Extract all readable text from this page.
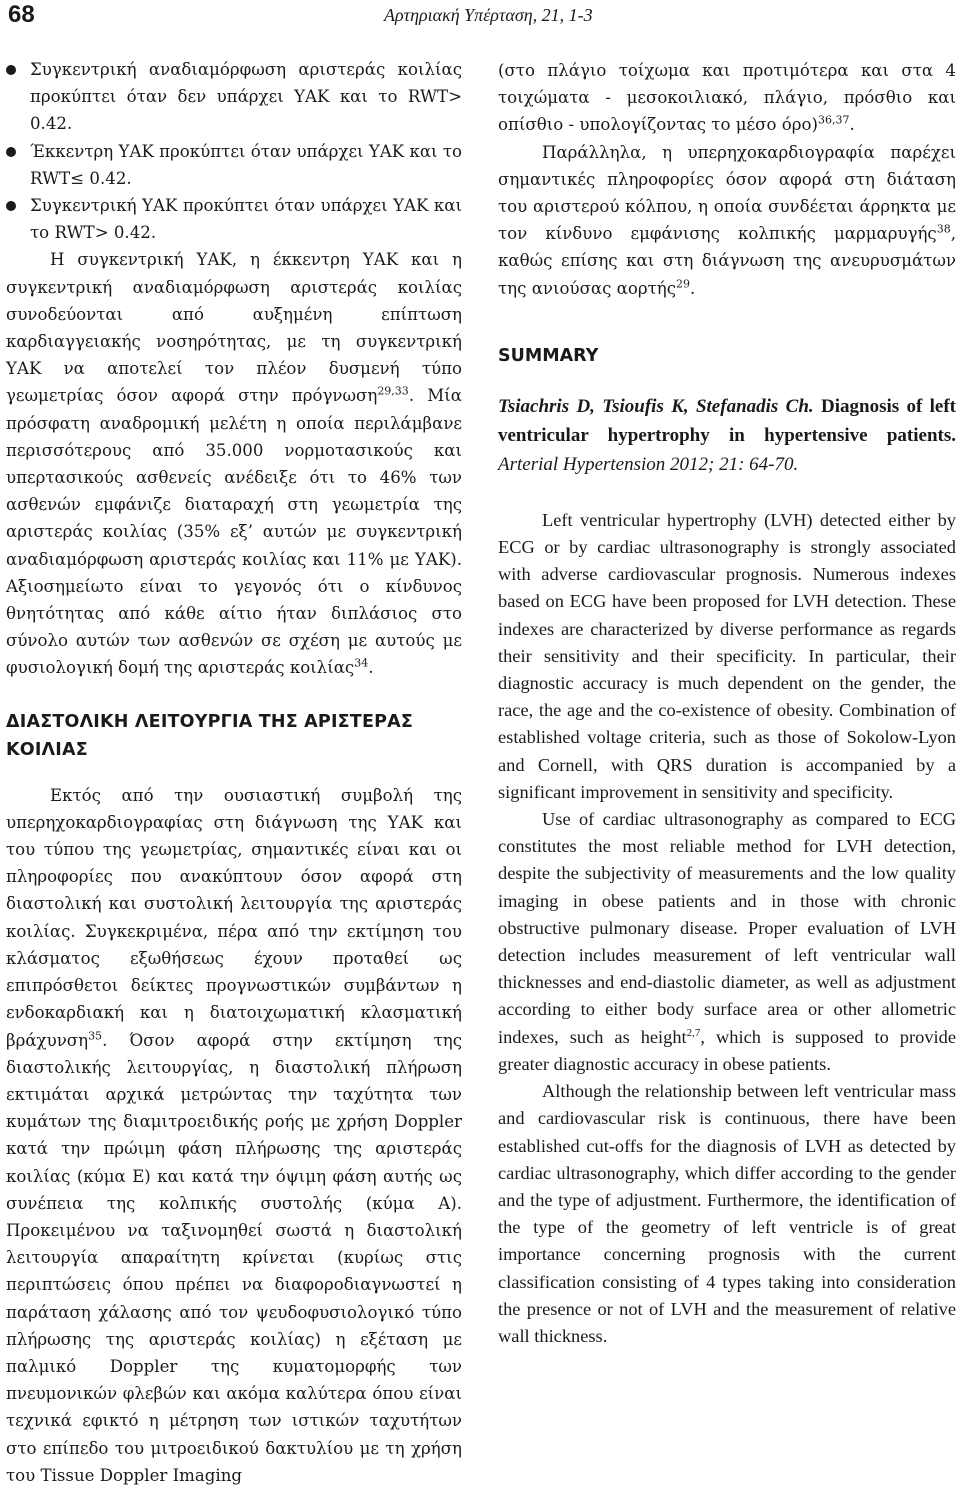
68	Αρτηριακή Υπέρταση, 21, 1-3

Συγκεντρική αναδιαμόρφωση αριστεράς κοιλίας προκύπτει όταν δεν υπάρχει ΥΑΚ και το RWT> 0.42.

Έκκεντρη ΥΑΚ προκύπτει όταν υπάρχει ΥΑΚ και το RWT≤ 0.42.

Συγκεντρική ΥΑΚ προκύπτει όταν υπάρχει ΥΑΚ και το RWT> 0.42.

Η συγκεντρική ΥΑΚ, η έκκεντρη ΥΑΚ και η συγκεντρική αναδιαμόρφωση αριστεράς κοιλίας συνοδεύονται από αυξημένη επίπτωση καρδιαγγειακής νοσηρότητας, με τη συγκεντρική ΥΑΚ να αποτελεί τον πλέον δυσμενή τύπο γεωμετρίας όσον αφορά στην πρόγνωση$^{29,33}$. Μία πρόσφατη αναδρομική μελέτη η οποία περιλάμβανε περισσότερους από 35.000 νορμοτασικούς και υπερτασικούς ασθενείς ανέδειξε ότι το 46% των ασθενών εμφάνιζε διαταραχή στη γεωμετρία της αριστεράς κοιλίας (35% εξ’ αυτών με συγκεντρική αναδιαμόρφωση αριστεράς κοιλίας και 11% με ΥΑΚ). Αξιοσημείωτο είναι το γεγονός ότι ο κίνδυνος θνητότητας από κάθε αίτιο ήταν διπλάσιος στο σύνολο αυτών των ασθενών σε σχέση με αυτούς με φυσιολογική δομή της αριστεράς κοιλίας$^{34}$.

ΔΙΑΣΤΟΛΙΚΗ ΛΕΙΤΟΥΡΓΙΑ ΤΗΣ ΑΡΙΣΤΕΡΑΣ ΚΟΙΛΙΑΣ

Εκτός από την ουσιαστική συμβολή της υπερηχοκαρδιογραφίας στη διάγνωση της ΥΑΚ και του τύπου της γεωμετρίας, σημαντικές είναι και οι πληροφορίες που ανακύπτουν όσον αφορά στη διαστολική και συστολική λειτουργία της αριστεράς κοιλίας. Συγκεκριμένα, πέρα από την εκτίμηση του κλάσματος εξωθήσεως έχουν προταθεί ως επιπρόσθετοι δείκτες προγνωστικών συμβάντων η ενδοκαρδιακή και η διατοιχωματική κλασματική βράχυνση$^{35}$. Όσον αφορά στην εκτίμηση της διαστολικής λειτουργίας, η διαστολική πλήρωση εκτιμάται αρχικά μετρώντας την ταχύτητα των κυμάτων της διαμιτροειδικής ροής με χρήση Doppler κατά την πρώιμη φάση πλήρωσης της αριστεράς κοιλίας (κύμα Ε) και κατά την όψιμη φάση αυτής ως συνέπεια της κολπικής συστολής (κύμα Α). Προκειμένου να ταξινομηθεί σωστά η διαστολική λειτουργία απαραίτητη κρίνεται (κυρίως στις περιπτώσεις όπου πρέπει να διαφοροδιαγνωστεί η παράταση χάλασης από τον ψευδοφυσιολογικό τύπο πλήρωσης της αριστεράς κοιλίας) η εξέταση με παλμικό Doppler της κυματομορφής των πνευμονικών φλεβών και ακόμα καλύτερα όπου είναι τεχνικά εφικτό η μέτρηση των ιστικών ταχυτήτων στο επίπεδο του μιτροειδικού δακτυλίου με τη χρήση του Tissue Doppler Imaging

(στο πλάγιο τοίχωμα και προτιμότερα και στα 4 τοιχώματα - μεσοκοιλιακό, πλάγιο, πρόσθιο και οπίσθιο - υπολογίζοντας το μέσο όρο)$^{36,37}$.

Παράλληλα, η υπερηχοκαρδιογραφία παρέχει σημαντικές πληροφορίες όσον αφορά στη διάταση του αριστερού κόλπου, η οποία συνδέεται άρρηκτα με τον κίνδυνο εμφάνισης κολπικής μαρμαρυγής$^{38}$, καθώς επίσης και στη διάγνωση της ανευρυσμάτων της ανιούσας αορτής$^{29}$.

SUMMARY

Tsiachris D, Tsioufis K, Stefanadis Ch. Diagnosis of left ventricular hypertrophy in hypertensive patients. Arterial Hypertension 2012; 21: 64-70.

Left ventricular hypertrophy (LVH) detected either by ECG or by cardiac ultrasonography is strongly associated with adverse cardiovascular prognosis. Numerous indexes based on ECG have been proposed for LVH detection. These indexes are characterized by diverse performance as regards their sensitivity and their specificity. In particular, their diagnostic accuracy is much dependent on the gender, the race, the age and the co-existence of obesity. Combination of established voltage criteria, such as those of Sokolow-Lyon and Cornell, with QRS duration is accompanied by a significant improvement in sensitivity and specificity.

Use of cardiac ultrasonography as compared to ECG constitutes the most reliable method for LVH detection, despite the subjectivity of measurements and the low quality imaging in obese patients and in those with chronic obstructive pulmonary disease. Proper evaluation of LVH detection includes measurement of left ventricular wall thicknesses and end-diastolic diameter, as well as adjustment according to either body surface area or other allometric indexes, such as height$^{2,7}$, which is supposed to provide greater diagnostic accuracy in obese patients.

Although the relationship between left ventricular mass and cardiovascular risk is continuous, there have been established cut-offs for the diagnosis of LVH as detected by cardiac ultrasonography, which differ according to the gender and the type of adjustment. Furthermore, the identification of the type of the geometry of left ventricle is of great importance concerning prognosis with the current classification consisting of 4 types taking into consideration the presence or not of LVH and the measurement of relative wall thickness.
